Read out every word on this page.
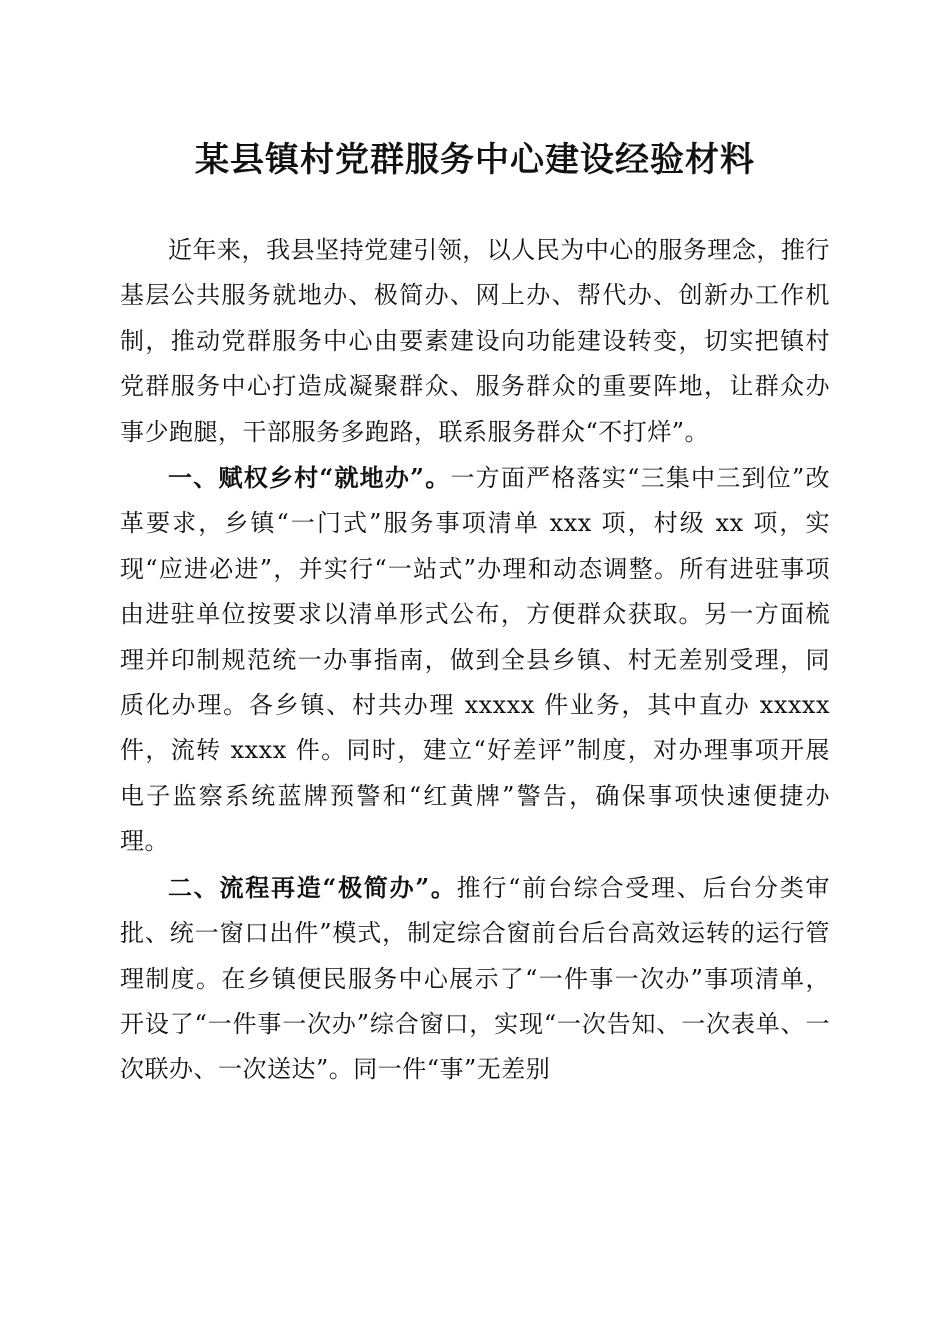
某县镇村党群服务中心建设经验材料

近年来，我县坚持党建引领，以人民为中心的服务理念，推行基层公共服务就地办、极简办、网上办、帮代办、创新办工作机制，推动党群服务中心由要素建设向功能建设转变，切实把镇村党群服务中心打造成凝聚群众、服务群众的重要阵地，让群众办事少跑腿，干部服务多跑路，联系服务群众“不打烊”。

一、赋权乡村“就地办”。一方面严格落实“三集中三到位”改革要求，乡镇“一门式”服务事项清单 xxx 项，村级 xx 项，实现“应进必进”，并实行“一站式”办理和动态调整。所有进驻事项由进驻单位按要求以清单形式公布，方便群众获取。另一方面梳理并印制规范统一办事指南，做到全县乡镇、村无差别受理，同质化办理。各乡镇、村共办理 xxxxx 件业务，其中直办 xxxxx 件，流转 xxxx 件。同时，建立“好差评”制度，对办理事项开展电子监察系统蓝牌预警和“红黄牌”警告，确保事项快速便捷办理。

二、流程再造“极简办”。推行“前台综合受理、后台分类审批、统一窗口出件”模式，制定综合窗前台后台高效运转的运行管理制度。在乡镇便民服务中心展示了“一件事一次办”事项清单，开设了“一件事一次办”综合窗口，实现“一次告知、一次表单、一次联办、一次送达”。同一件“事”无差别
